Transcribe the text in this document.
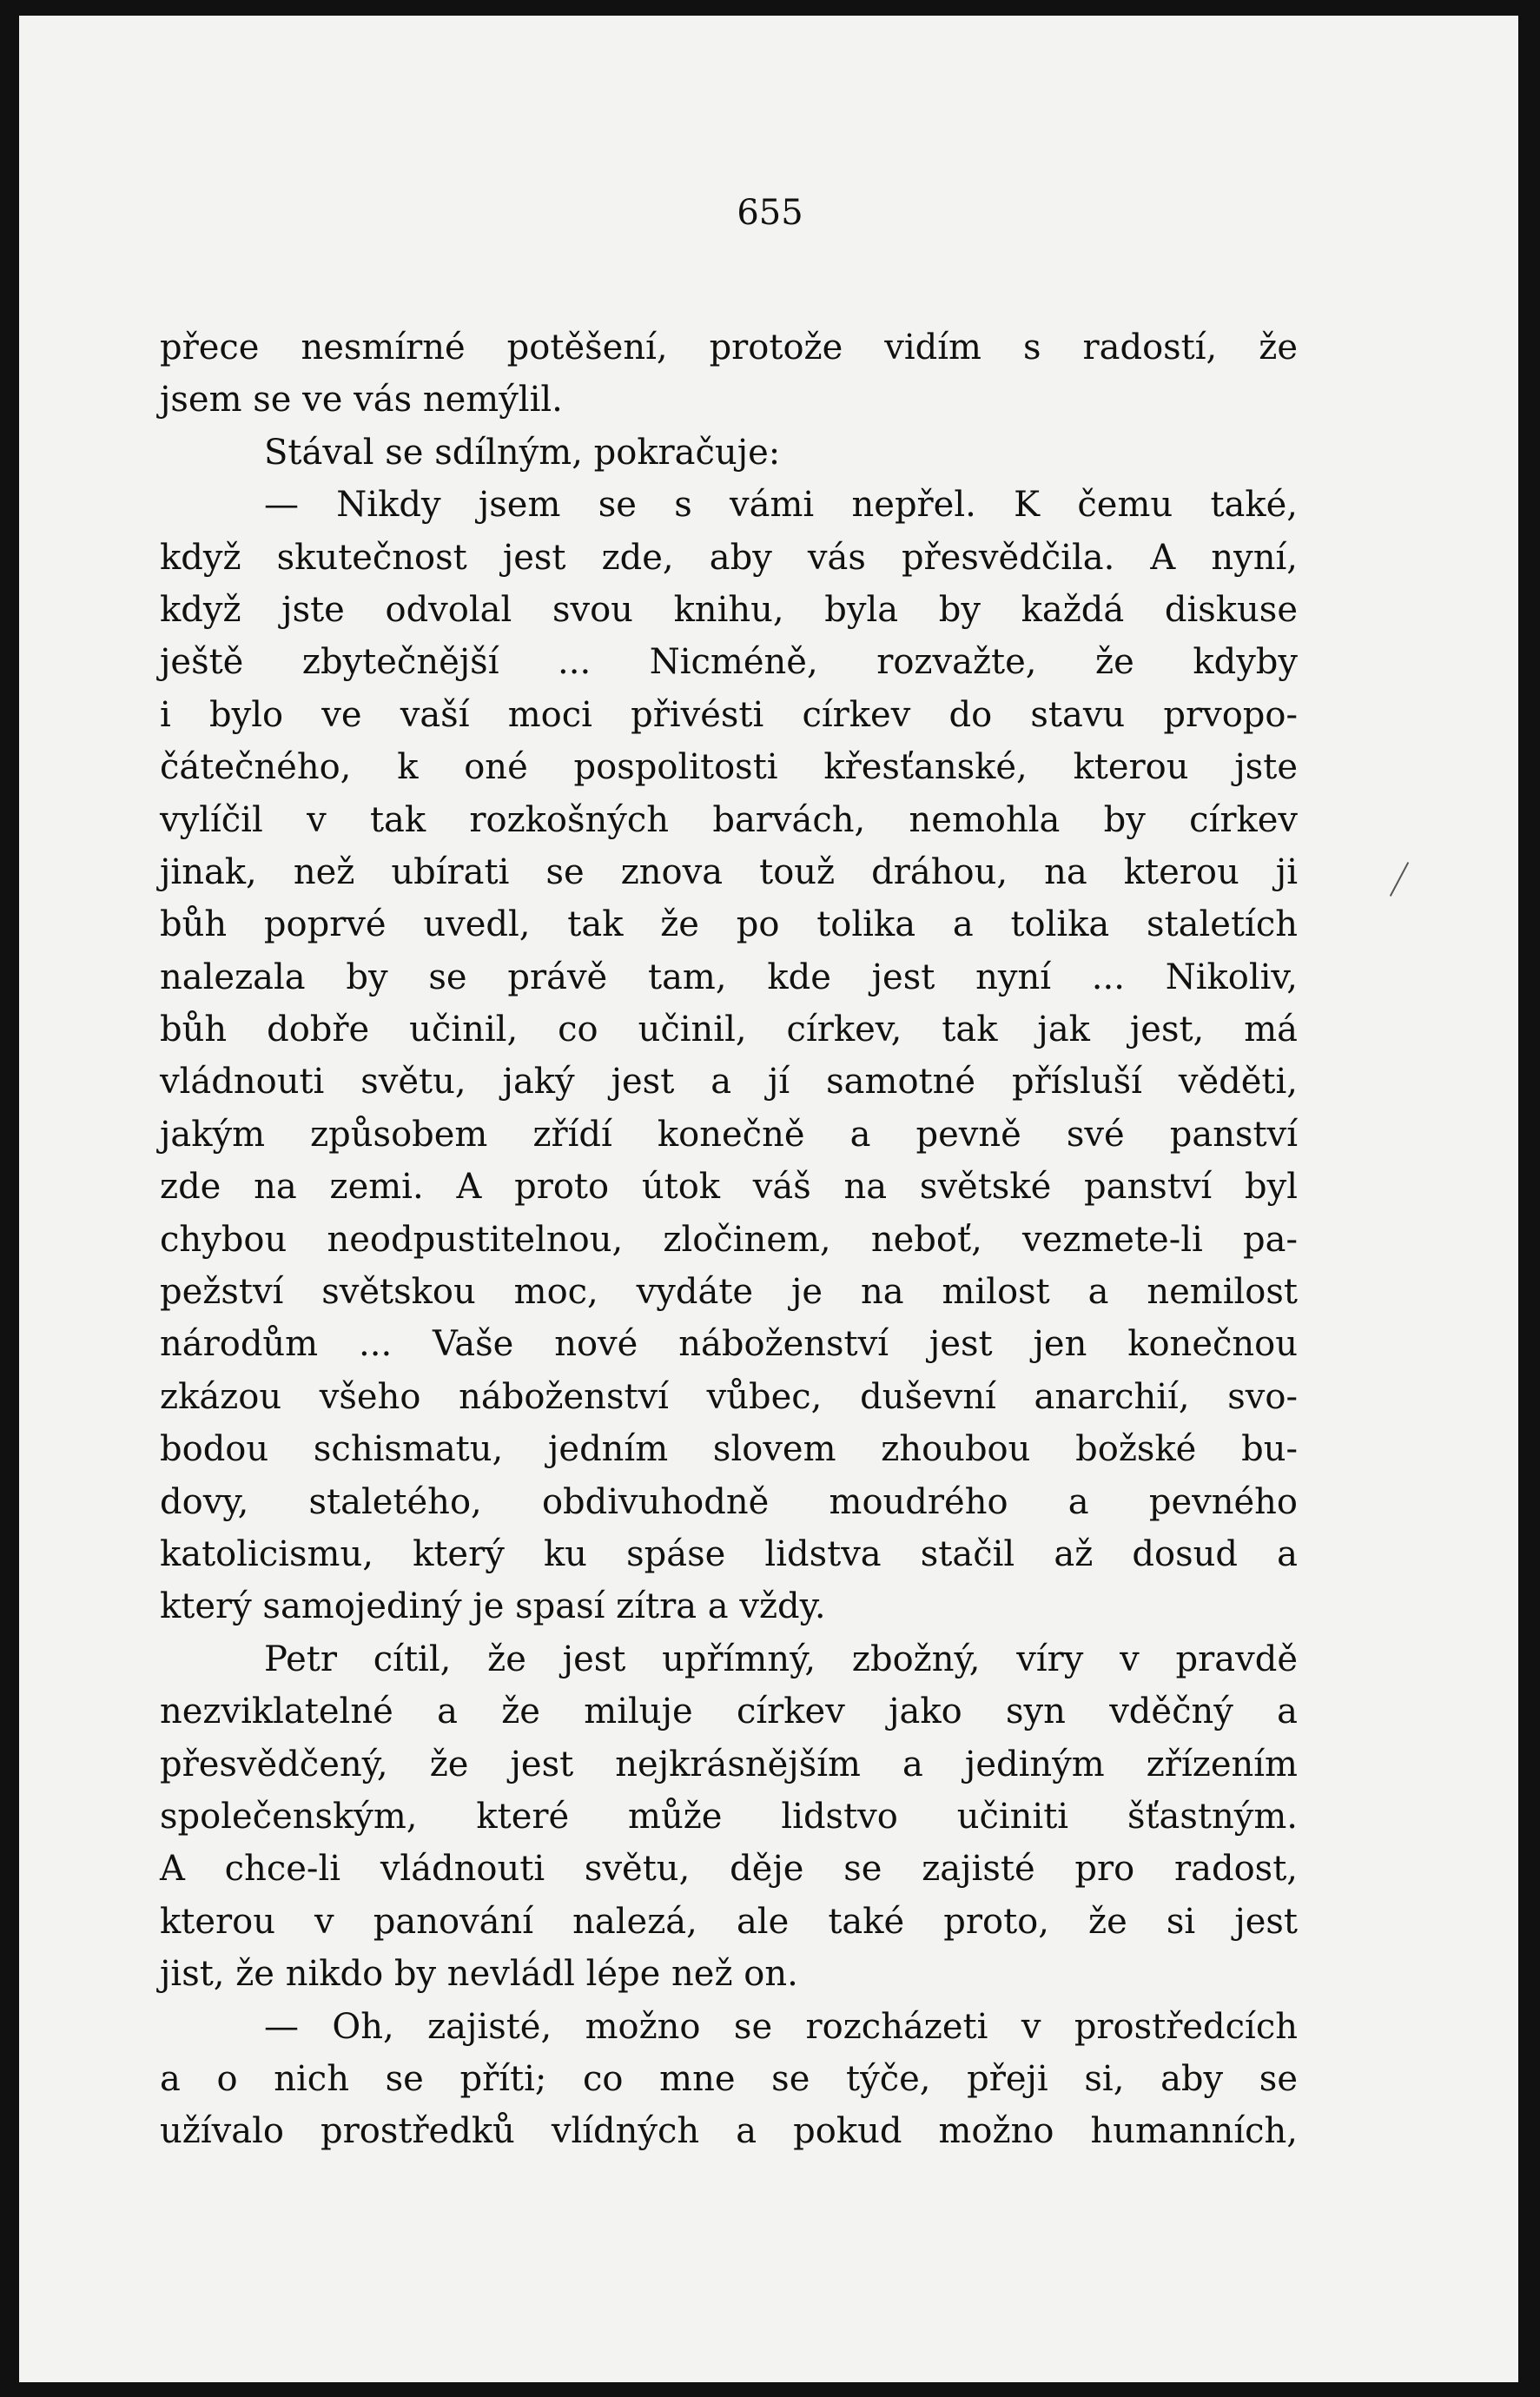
655
přece nesmírné potěšení, protože vidím s radostí, že
jsem se ve vás nemýlil.
Stával se sdílným, pokračuje:
— Nikdy jsem se s vámi nepřel. K čemu také,
když skutečnost jest zde, aby vás přesvědčila. A nyní,
když jste odvolal svou knihu, byla by každá diskuse
ještě zbytečnější ... Nicméně, rozvažte, že kdyby
i bylo ve vaší moci přivésti církev do stavu prvopo-
čátečného, k oné pospolitosti křesťanské, kterou jste
vylíčil v tak rozkošných barvách, nemohla by církev
jinak, než ubírati se znova touž dráhou, na kterou ji
bůh poprvé uvedl, tak že po tolika a tolika staletích
nalezala by se právě tam, kde jest nyní ... Nikoliv,
bůh dobře učinil, co učinil, církev, tak jak jest, má
vládnouti světu, jaký jest a jí samotné přísluší věděti,
jakým způsobem zřídí konečně a pevně své panství
zde na zemi. A proto útok váš na světské panství byl
chybou neodpustitelnou, zločinem, neboť, vezmete-li pa-
pežství světskou moc, vydáte je na milost a nemilost
národům ... Vaše nové náboženství jest jen konečnou
zkázou všeho náboženství vůbec, duševní anarchií, svo-
bodou schismatu, jedním slovem zhoubou božské bu-
dovy, staletého, obdivuhodně moudrého a pevného
katolicismu, který ku spáse lidstva stačil až dosud a
který samojediný je spasí zítra a vždy.
Petr cítil, že jest upřímný, zbožný, víry v pravdě
nezviklatelné a že miluje církev jako syn vděčný a
přesvědčený, že jest nejkrásnějším a jediným zřízením
společenským, které může lidstvo učiniti šťastným.
A chce-li vládnouti světu, děje se zajisté pro radost,
kterou v panování nalezá, ale také proto, že si jest
jist, že nikdo by nevládl lépe než on.
— Oh, zajisté, možno se rozcházeti v prostředcích
a o nich se příti; co mne se týče, přeji si, aby se
užívalo prostředků vlídných a pokud možno humanních,
